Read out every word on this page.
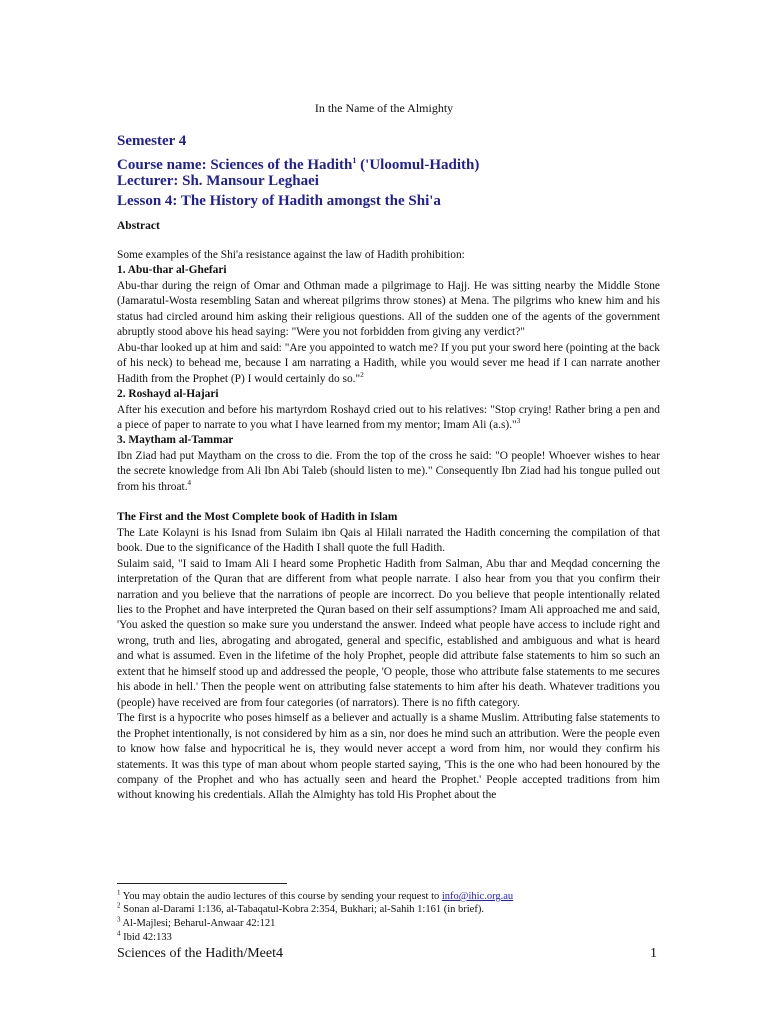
In the Name of the Almighty
Semester 4
Course name: Sciences of the Hadith$^1$ ('Uloomul-Hadith)
Lecturer: Sh. Mansour Leghaei
Lesson 4: The History of Hadith amongst the Shi'a
Abstract

Some examples of the Shi'a resistance against the law of Hadith prohibition:

1. Abu-thar al-Ghefari

Abu-thar during the reign of Omar and Othman made a pilgrimage to Hajj. He was sitting nearby the Middle Stone (Jamaratul-Wosta resembling Satan and whereat pilgrims throw stones) at Mena. The pilgrims who knew him and his status had circled around him asking their religious questions. All of the sudden one of the agents of the government abruptly stood above his head saying: "Were you not forbidden from giving any verdict?"

Abu-thar looked up at him and said: "Are you appointed to watch me? If you put your sword here (pointing at the back of his neck) to behead me, because I am narrating a Hadith, while you would sever me head if I can narrate another Hadith from the Prophet (P) I would certainly do so."$^2$

2. Roshayd al-Hajari

After his execution and before his martyrdom Roshayd cried out to his relatives: "Stop crying! Rather bring a pen and a piece of paper to narrate to you what I have learned from my mentor; Imam Ali (a.s)."$^3$

3. Maytham al-Tammar

Ibn Ziad had put Maytham on the cross to die. From the top of the cross he said: "O people! Whoever wishes to hear the secrete knowledge from Ali Ibn Abi Taleb (should listen to me)." Consequently Ibn Ziad had his tongue pulled out from his throat.$^4$

The First and the Most Complete book of Hadith in Islam

The Late Kolayni is his Isnad from Sulaim ibn Qais al Hilali narrated the Hadith concerning the compilation of that book. Due to the significance of the Hadith I shall quote the full Hadith.

Sulaim said, "I said to Imam Ali I heard some Prophetic Hadith from Salman, Abu thar and Meqdad concerning the interpretation of the Quran that are different from what people narrate. I also hear from you that you confirm their narration and you believe that the narrations of people are incorrect. Do you believe that people intentionally related lies to the Prophet and have interpreted the Quran based on their self assumptions? Imam Ali approached me and said, 'You asked the question so make sure you understand the answer. Indeed what people have access to include right and wrong, truth and lies, abrogating and abrogated, general and specific, established and ambiguous and what is heard and what is assumed. Even in the lifetime of the holy Prophet, people did attribute false statements to him so such an extent that he himself stood up and addressed the people, 'O people, those who attribute false statements to me secures his abode in hell.' Then the people went on attributing false statements to him after his death. Whatever traditions you (people) have received are from four categories (of narrators). There is no fifth category.

The first is a hypocrite who poses himself as a believer and actually is a shame Muslim. Attributing false statements to the Prophet intentionally, is not considered by him as a sin, nor does he mind such an attribution. Were the people even to know how false and hypocritical he is, they would never accept a word from him, nor would they confirm his statements. It was this type of man about whom people started saying, 'This is the one who had been honoured by the company of the Prophet and who has actually seen and heard the Prophet.' People accepted traditions from him without knowing his credentials. Allah the Almighty has told His Prophet about the

$^1$ You may obtain the audio lectures of this course by sending your request to info@ihic.org.au
$^2$ Sonan al-Darami 1:136, al-Tabaqatul-Kobra 2:354, Bukhari; al-Sahih 1:161 (in brief).
$^3$ Al-Majlesi; Beharul-Anwaar 42:121
$^4$ Ibid 42:133
Sciences of the Hadith/Meet4	1
